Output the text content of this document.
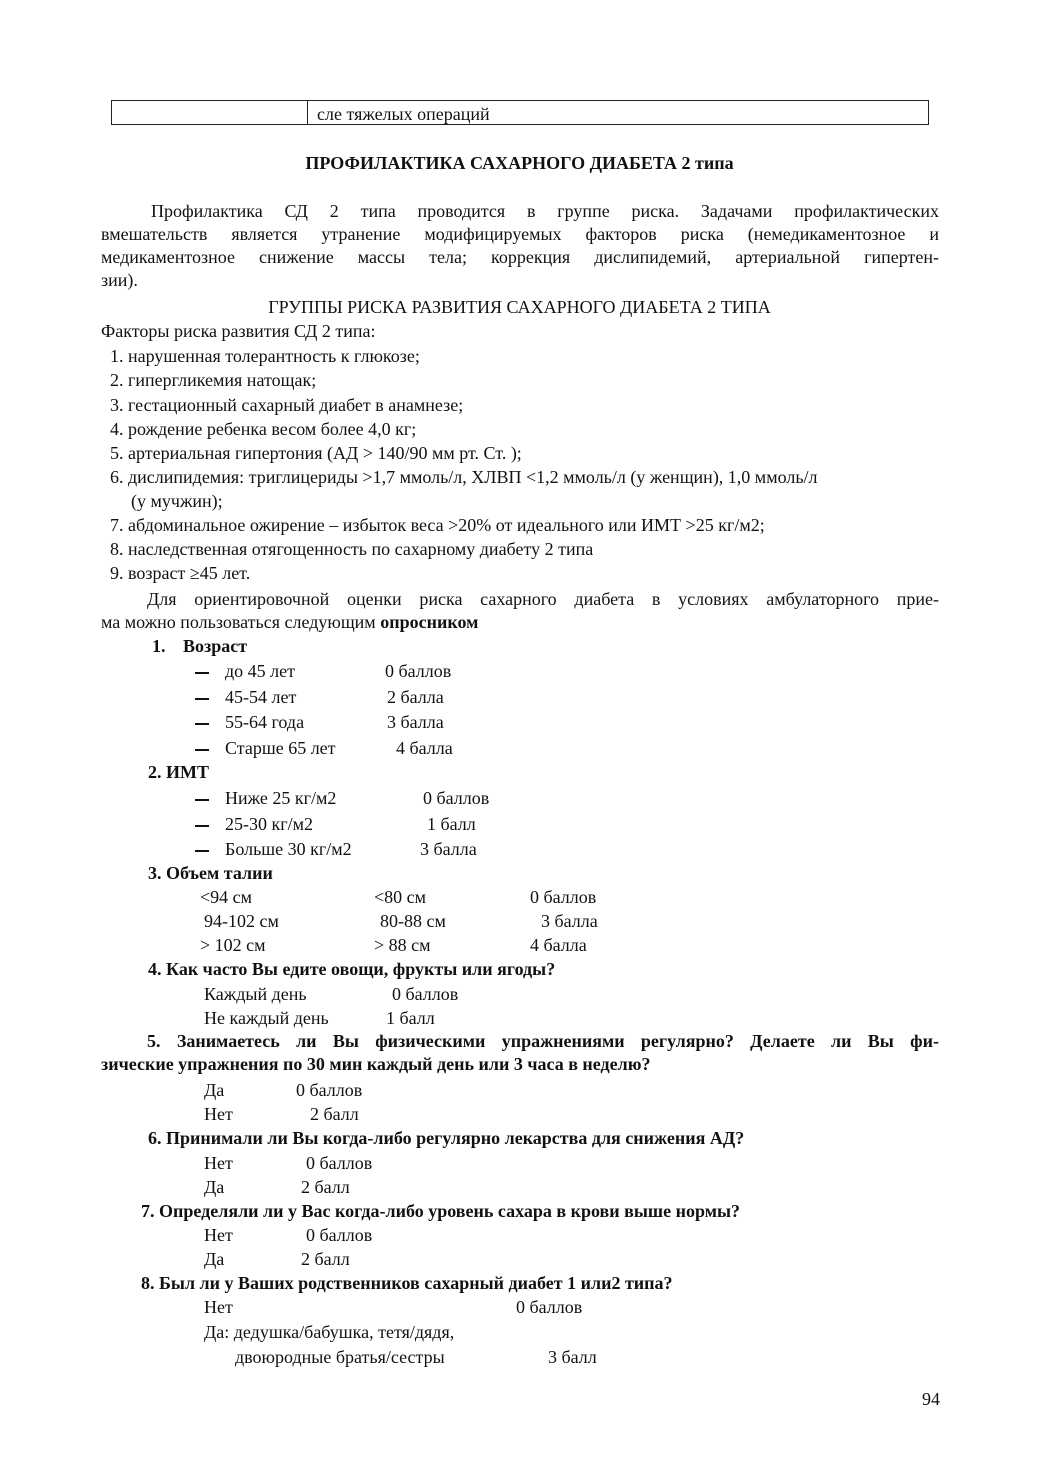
сле тяжелых операций
ПРОФИЛАКТИКА САХАРНОГО ДИАБЕТА 2 типа
Профилактика СД 2 типа проводится в группе риска. Задачами профилактических
вмешательств является утранение модифицируемых факторов риска (немедикаментозное и
медикаментозное снижение массы тела; коррекция дислипидемий, артериальной гипертен-
зии).
ГРУППЫ РИСКА РАЗВИТИЯ САХАРНОГО ДИАБЕТА 2 ТИПА
Факторы риска развития СД 2 типа:
1. нарушенная толерантность к глюкозе;
2. гипергликемия натощак;
3. гестационный сахарный диабет в анамнезе;
4. рождение ребенка весом более 4,0 кг;
5. артериальная гипертония (АД > 140/90 мм рт. Ст. );
6. дислипидемия: триглицериды >1,7 ммоль/л, ХЛВП <1,2 ммоль/л (у женщин), 1,0 ммоль/л
(у мучжин);
7. абдоминальное ожирение – избыток веса >20% от идеального или ИМТ >25 кг/м2;
8. наследственная отягощенность по сахарному диабету 2 типа
9. возраст ≥45 лет.
Для ориентировочной оценки риска сахарного диабета в условиях амбулаторного прие-
ма можно пользоваться следующим опросником
1. Возраст
до 45 лет	0 баллов
45-54 лет	2 балла
55-64 года	3 балла
Старше 65 лет	4 балла
2. ИМТ
Ниже 25 кг/м2	0 баллов
25-30 кг/м2	1 балл
Больше 30 кг/м2	3 балла
3. Объем талии
<94 см	<80 см	0 баллов
94-102 см	80-88 см	3 балла
> 102 см	> 88 см	4 балла
4. Как часто Вы едите овощи, фрукты или ягоды?
Каждый день	0 баллов
Не каждый день	1 балл
5. Занимаетесь ли Вы физическими упражнениями регулярно? Делаете ли Вы фи-
зические упражнения по 30 мин каждый день или 3 часа в неделю?
Да	0 баллов
Нет	2 балл
6. Принимали ли Вы когда-либо регулярно лекарства для снижения АД?
Нет	0 баллов
Да	2 балл
7. Определяли ли у Вас когда-либо уровень сахара в крови выше нормы?
Нет	0 баллов
Да	2 балл
8. Был ли у Ваших родственников сахарный диабет 1 или2 типа?
Нет	0 баллов
Да: дедушка/бабушка, тетя/дядя,
двоюродные братья/сестры	3 балл
94
